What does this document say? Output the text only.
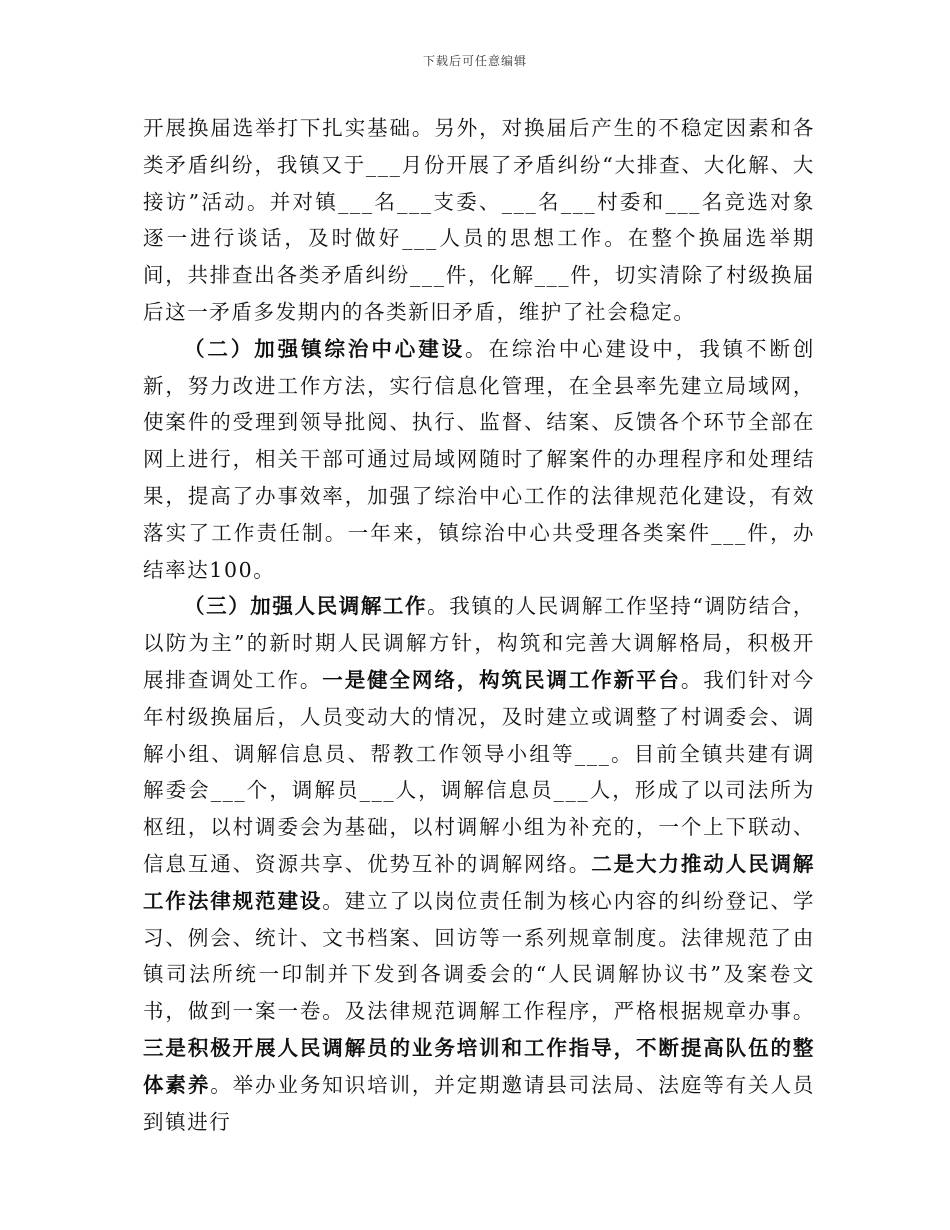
下载后可任意编辑

开展换届选举打下扎实基础。另外，对换届后产生的不稳定因素和各类矛盾纠纷，我镇又于___月份开展了矛盾纠纷“大排查、大化解、大接访”活动。并对镇___名___支委、___名___村委和___名竞选对象逐一进行谈话，及时做好___人员的思想工作。在整个换届选举期间，共排查出各类矛盾纠纷___件，化解___件，切实清除了村级换届后这一矛盾多发期内的各类新旧矛盾，维护了社会稳定。

（二）加强镇综治中心建设。在综治中心建设中，我镇不断创新，努力改进工作方法，实行信息化管理，在全县率先建立局域网，使案件的受理到领导批阅、执行、监督、结案、反馈各个环节全部在网上进行，相关干部可通过局域网随时了解案件的办理程序和处理结果，提高了办事效率，加强了综治中心工作的法律规范化建设，有效落实了工作责任制。一年来，镇综治中心共受理各类案件___件，办结率达100。

（三）加强人民调解工作。我镇的人民调解工作坚持“调防结合，以防为主”的新时期人民调解方针，构筑和完善大调解格局，积极开展排查调处工作。一是健全网络，构筑民调工作新平台。我们针对今年村级换届后，人员变动大的情况，及时建立或调整了村调委会、调解小组、调解信息员、帮教工作领导小组等___。目前全镇共建有调解委会___个，调解员___人，调解信息员___人，形成了以司法所为枢纽，以村调委会为基础，以村调解小组为补充的，一个上下联动、信息互通、资源共享、优势互补的调解网络。二是大力推动人民调解工作法律规范建设。建立了以岗位责任制为核心内容的纠纷登记、学习、例会、统计、文书档案、回访等一系列规章制度。法律规范了由镇司法所统一印制并下发到各调委会的“人民调解协议书”及案卷文书，做到一案一卷。及法律规范调解工作程序，严格根据规章办事。三是积极开展人民调解员的业务培训和工作指导，不断提高队伍的整体素养。举办业务知识培训，并定期邀请县司法局、法庭等有关人员到镇进行
